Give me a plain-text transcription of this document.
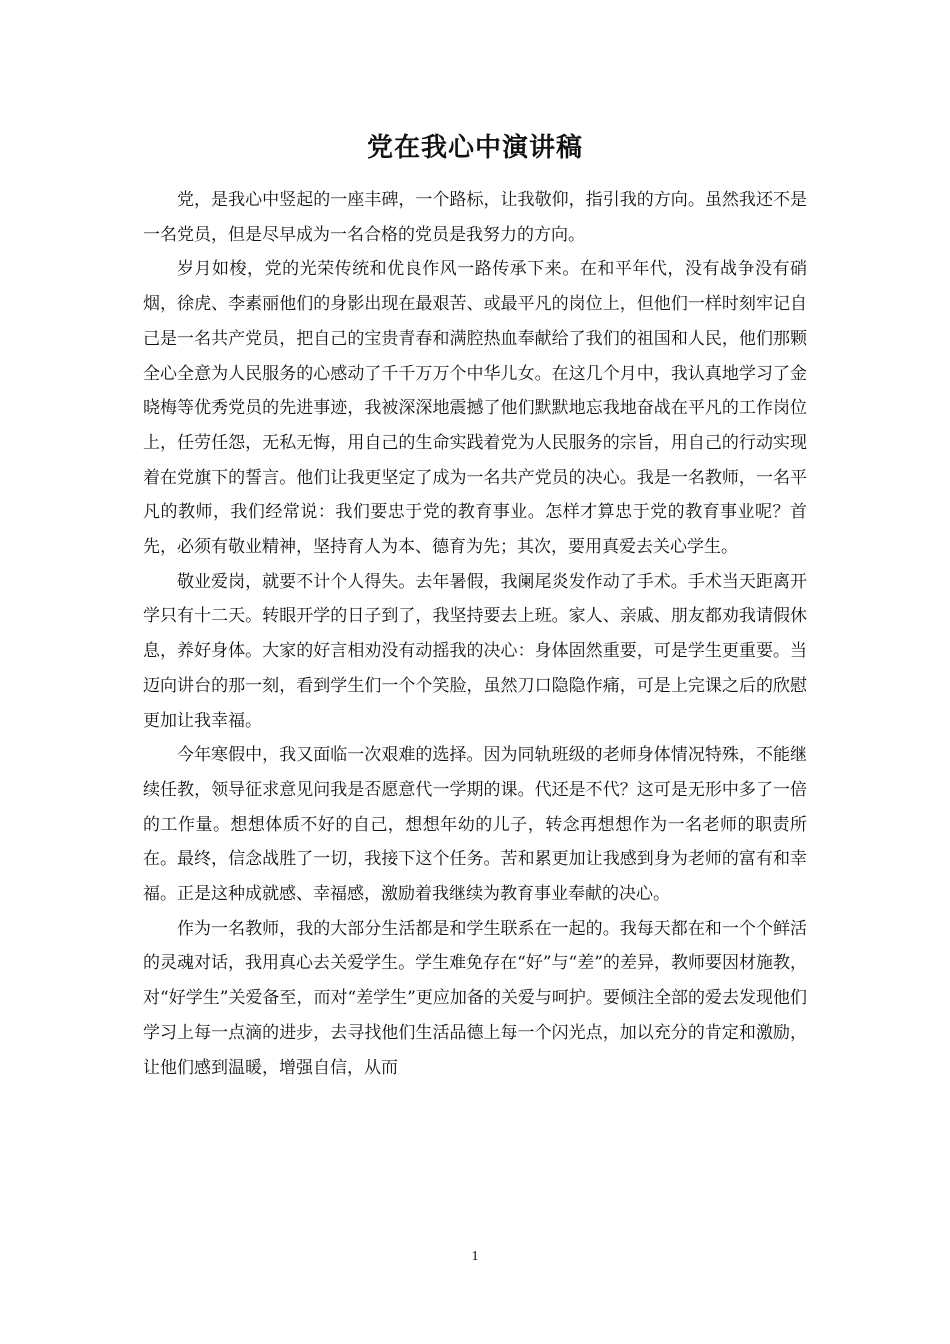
党在我心中演讲稿

党，是我心中竖起的一座丰碑，一个路标，让我敬仰，指引我的方向。虽然我还不是一名党员，但是尽早成为一名合格的党员是我努力的方向。

岁月如梭，党的光荣传统和优良作风一路传承下来。在和平年代，没有战争没有硝烟，徐虎、李素丽他们的身影出现在最艰苦、或最平凡的岗位上，但他们一样时刻牢记自己是一名共产党员，把自己的宝贵青春和满腔热血奉献给了我们的祖国和人民，他们那颗全心全意为人民服务的心感动了千千万万个中华儿女。在这几个月中，我认真地学习了金晓梅等优秀党员的先进事迹，我被深深地震撼了他们默默地忘我地奋战在平凡的工作岗位上，任劳任怨，无私无悔，用自己的生命实践着党为人民服务的宗旨，用自己的行动实现着在党旗下的誓言。他们让我更坚定了成为一名共产党员的决心。我是一名教师，一名平凡的教师，我们经常说：我们要忠于党的教育事业。怎样才算忠于党的教育事业呢？首先，必须有敬业精神，坚持育人为本、德育为先；其次，要用真爱去关心学生。

敬业爱岗，就要不计个人得失。去年暑假，我阑尾炎发作动了手术。手术当天距离开学只有十二天。转眼开学的日子到了，我坚持要去上班。家人、亲戚、朋友都劝我请假休息，养好身体。大家的好言相劝没有动摇我的决心：身体固然重要，可是学生更重要。当迈向讲台的那一刻，看到学生们一个个笑脸，虽然刀口隐隐作痛，可是上完课之后的欣慰更加让我幸福。

今年寒假中，我又面临一次艰难的选择。因为同轨班级的老师身体情况特殊，不能继续任教，领导征求意见问我是否愿意代一学期的课。代还是不代？这可是无形中多了一倍的工作量。想想体质不好的自己，想想年幼的儿子，转念再想想作为一名老师的职责所在。最终，信念战胜了一切，我接下这个任务。苦和累更加让我感到身为老师的富有和幸福。正是这种成就感、幸福感，激励着我继续为教育事业奉献的决心。

作为一名教师，我的大部分生活都是和学生联系在一起的。我每天都在和一个个鲜活的灵魂对话，我用真心去关爱学生。学生难免存在“好”与“差”的差异，教师要因材施教，对“好学生”关爱备至，而对“差学生”更应加备的关爱与呵护。要倾注全部的爱去发现他们学习上每一点滴的进步，去寻找他们生活品德上每一个闪光点，加以充分的肯定和激励，让他们感到温暖，增强自信，从而

1
